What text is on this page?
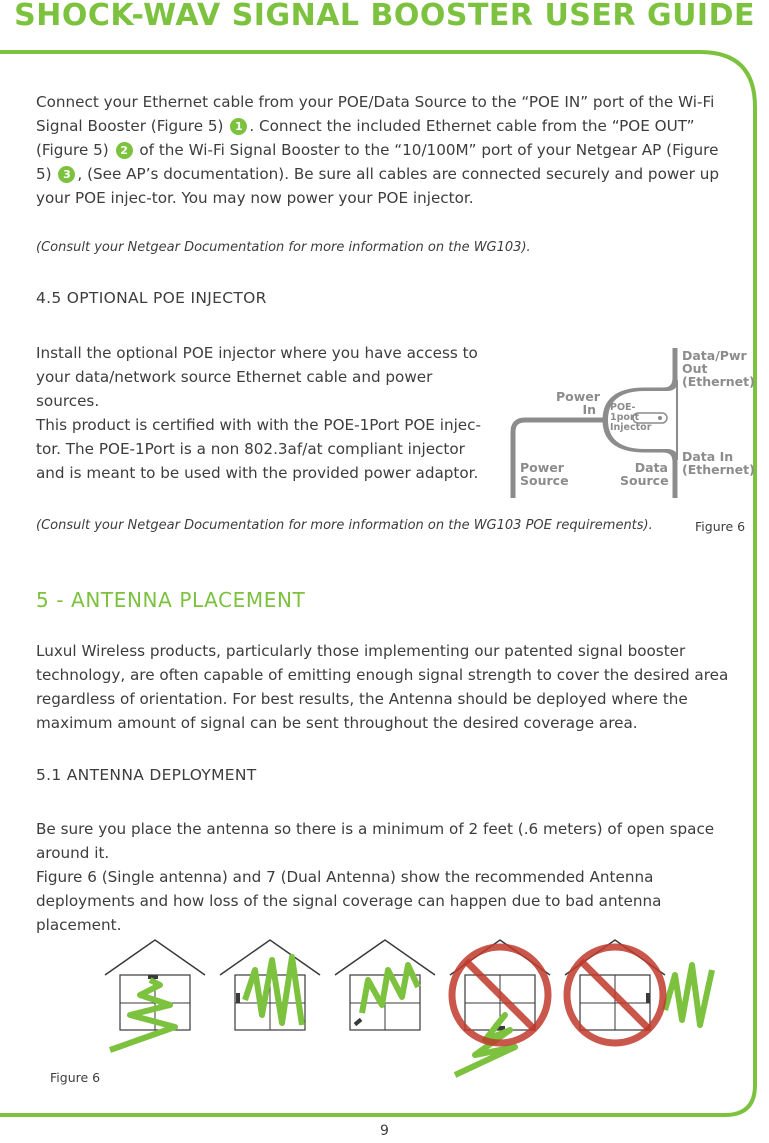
SHOCK-WAV SIGNAL BOOSTER USER GUIDE
Connect your Ethernet cable from your POE/Data Source to the “POE IN” port of the Wi-Fi Signal Booster (Figure 5) 1 . Connect the included Ethernet cable from the “POE OUT” (Figure 5) 2 of the Wi-Fi Signal Booster to the “10/100M” port of your Netgear AP (Figure 5) 3 , (See AP’s documentation). Be sure all cables are connected securely and power up your POE injec-tor. You may now power your POE injector.
(Consult your Netgear Documentation for more information on the WG103).
4.5 OPTIONAL POE INJECTOR
Install the optional POE injector where you have access to your data/network source Ethernet cable and power sources.
This product is certified with with the POE-1Port POE injec-tor. The POE-1Port is a non 802.3af/at compliant injector and is meant to be used with the provided power adaptor.
(Consult your Netgear Documentation for more information on the WG103 POE requirements).	Figure 6
Data/Pwr Out (Ethernet)
Power In POE-1port Injector
Data In (Ethernet)
Power Source
Data Source
5 - ANTENNA PLACEMENT
Luxul Wireless products, particularly those implementing our patented signal booster technology, are often capable of emitting enough signal strength to cover the desired area regardless of orientation. For best results, the Antenna should be deployed where the maximum amount of signal can be sent throughout the desired coverage area.
5.1 ANTENNA DEPLOYMENT
Be sure you place the antenna so there is a minimum of 2 feet (.6 meters) of open space around it.
Figure 6 (Single antenna) and 7 (Dual Antenna) show the recommended Antenna deployments and how loss of the signal coverage can happen due to bad antenna placement.
Figure 6
9
